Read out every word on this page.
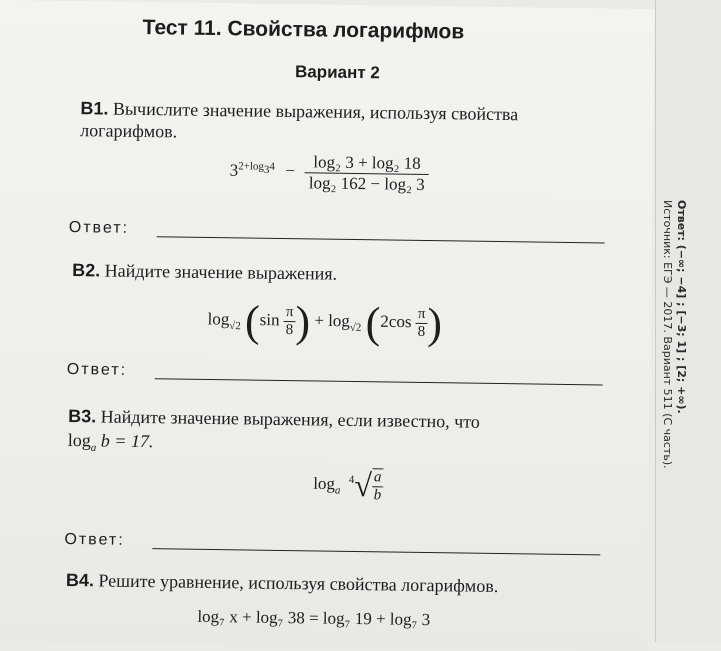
Тест 11. Свойства логарифмов
Вариант 2
В1. Вычислите значение выражения, используя свойства логарифмов.
$3^{2+log_34} - \frac{\text{log₂ 3 + log₂ 18}}{\text{log₂ 162 − log₂ 3}}$
Ответ:
В2. Найдите значение выражения.
$\log_{√2} (\sin \frac{\pi}{8}$ ) + $\log_{√2} (2\cos \frac{\pi}{8}$ )
Ответ:
В3. Найдите значение выражения, если известно, что
$\log_a b = 17$.
$\log_a ^4√ \frac{a}{b}$
Ответ:
В4. Решите уравнение, используя свойства логарифмов.
log₇ x + log₇ 38 = log₇ 19 + log₇ 3
Ответ: (−∞; −4] ; [−3; 1] ; [2; +∞).
Источник: ЕГЭ — 2017. Вариант 511 (С часть).
